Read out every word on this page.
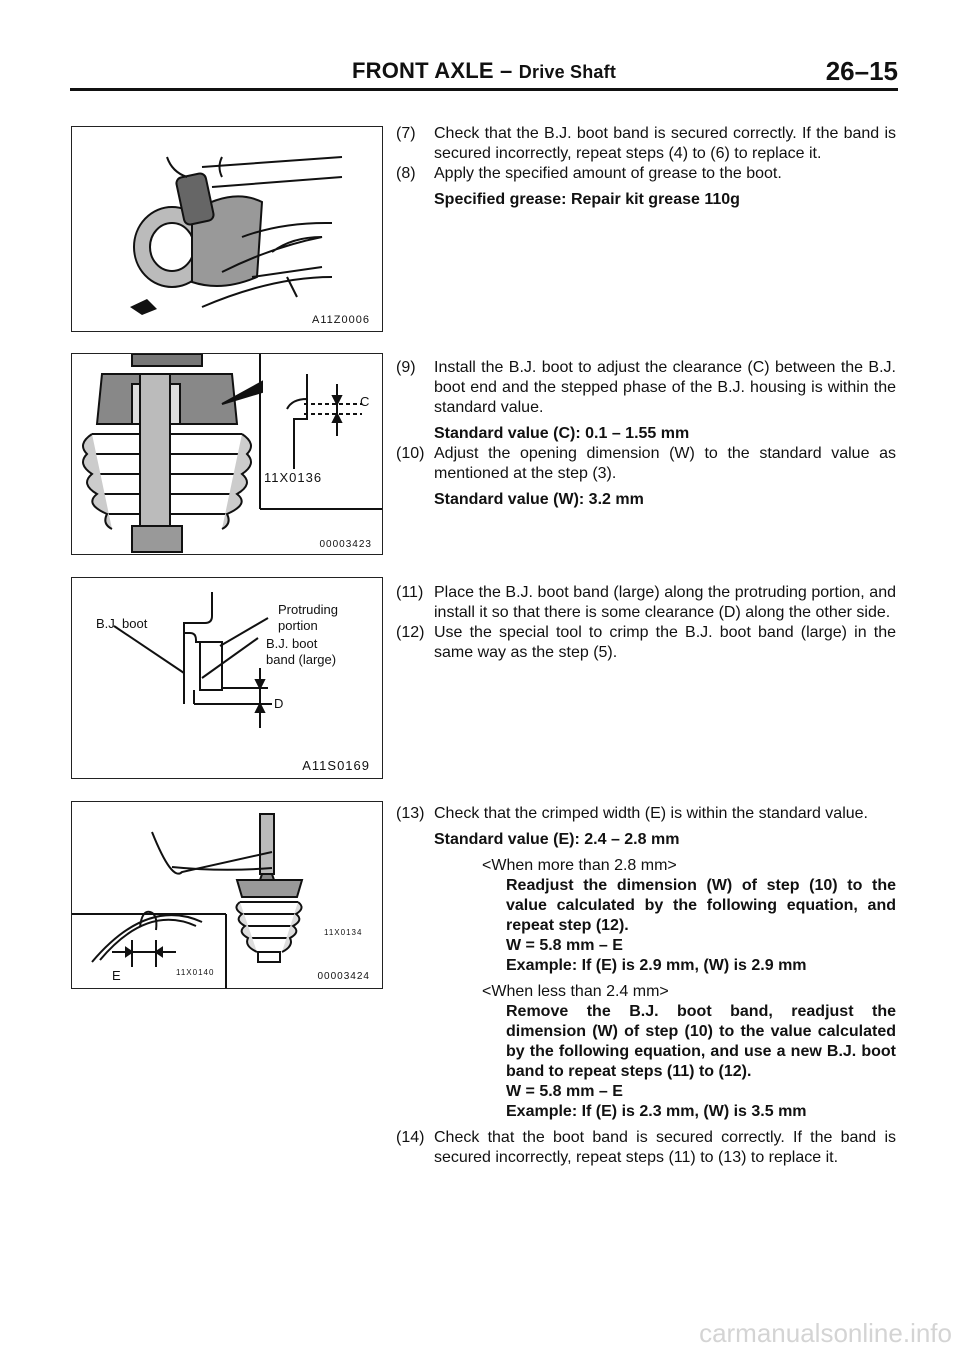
FRONT AXLE – Drive Shaft	26–15
A11Z0006
C
11X0136
00003423
B.J. boot
Protruding
portion
B.J. boot
band (large)
D
A11S0169
11X0134
E	11X0140	00003424

(7)	Check that the B.J. boot band is secured correctly. If the band is secured incorrectly, repeat steps (4) to (6) to replace it.

(8)	Apply the specified amount of grease to the boot.

Specified grease: Repair kit grease 110g

(9)	Install the B.J. boot to adjust the clearance (C) between the B.J. boot end and the stepped phase of the B.J. housing is within the standard value.

Standard value (C): 0.1 – 1.55 mm

(10) Adjust the opening dimension (W) to the standard value as mentioned at the step (3).

Standard value (W): 3.2 mm

(11) Place the B.J. boot band (large) along the protruding portion, and install it so that there is some clearance (D) along the other side.

(12) Use the special tool to crimp the B.J. boot band (large) in the same way as the step (5).

(13) Check that the crimped width (E) is within the standard value.

Standard value (E): 2.4 – 2.8 mm
<When more than 2.8 mm>
Readjust the dimension (W) of step (10) to the value calculated by the following equation, and repeat step (12).
W = 5.8 mm – E
Example: If (E) is 2.9 mm, (W) is 2.9 mm
<When less than 2.4 mm>
Remove the B.J. boot band, readjust the dimension (W) of step (10) to the value calculated by the following equation, and use a new B.J. boot band to repeat steps (11) to (12).
W = 5.8 mm – E
Example: If (E) is 2.3 mm, (W) is 3.5 mm

(14) Check that the boot band is secured correctly. If the band is secured incorrectly, repeat steps (11) to (13) to replace it.

carmanualsonline.info
